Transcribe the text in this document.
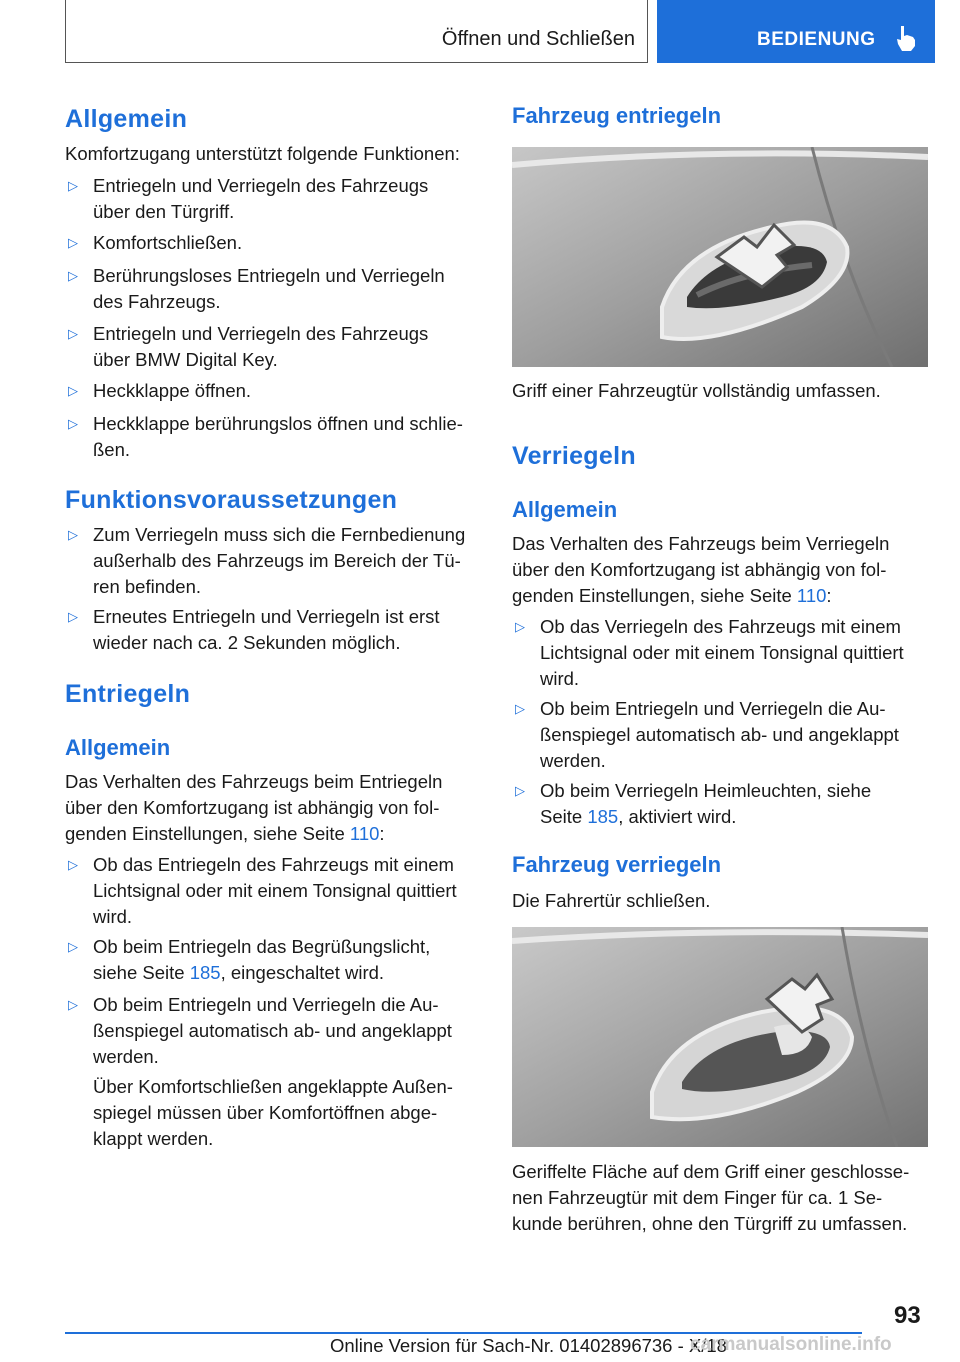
Öffnen und Schließen	BEDIENUNG
Allgemein
Komfortzugang unterstützt folgende Funktionen:
▷ Entriegeln und Verriegeln des Fahrzeugs
über den Türgriff.
▷ Komfortschließen.
▷ Berührungsloses Entriegeln und Verriegeln
des Fahrzeugs.
▷ Entriegeln und Verriegeln des Fahrzeugs
über BMW Digital Key.
▷ Heckklappe öffnen.
▷ Heckklappe berührungslos öffnen und schlie-
ßen.
Funktionsvoraussetzungen
▷ Zum Verriegeln muss sich die Fernbedienung
außerhalb des Fahrzeugs im Bereich der Tü-
ren befinden.
▷ Erneutes Entriegeln und Verriegeln ist erst
wieder nach ca. 2 Sekunden möglich.
Entriegeln
Allgemein
Das Verhalten des Fahrzeugs beim Entriegeln
über den Komfortzugang ist abhängig von fol-
genden Einstellungen, siehe Seite 110:
▷ Ob das Entriegeln des Fahrzeugs mit einem
Lichtsignal oder mit einem Tonsignal quittiert
wird.
▷ Ob beim Entriegeln das Begrüßungslicht,
siehe Seite 185, eingeschaltet wird.
▷ Ob beim Entriegeln und Verriegeln die Au-
ßenspiegel automatisch ab- und angeklappt
werden.
Über Komfortschließen angeklappte Außen-
spiegel müssen über Komfortöffnen abge-
klappt werden.
Fahrzeug entriegeln
Griff einer Fahrzeugtür vollständig umfassen.
Verriegeln
Allgemein
Das Verhalten des Fahrzeugs beim Verriegeln
über den Komfortzugang ist abhängig von fol-
genden Einstellungen, siehe Seite 110:
▷ Ob das Verriegeln des Fahrzeugs mit einem
Lichtsignal oder mit einem Tonsignal quittiert
wird.
▷ Ob beim Entriegeln und Verriegeln die Au-
ßenspiegel automatisch ab- und angeklappt
werden.
▷ Ob beim Verriegeln Heimleuchten, siehe
Seite 185, aktiviert wird.
Fahrzeug verriegeln
Die Fahrertür schließen.
Geriffelte Fläche auf dem Griff einer geschlosse-
nen Fahrzeugtür mit dem Finger für ca. 1 Se-
kunde berühren, ohne den Türgriff zu umfassen.
93
Online Version für Sach-Nr. 01402896736 - X/18
carmanualsonline.info
